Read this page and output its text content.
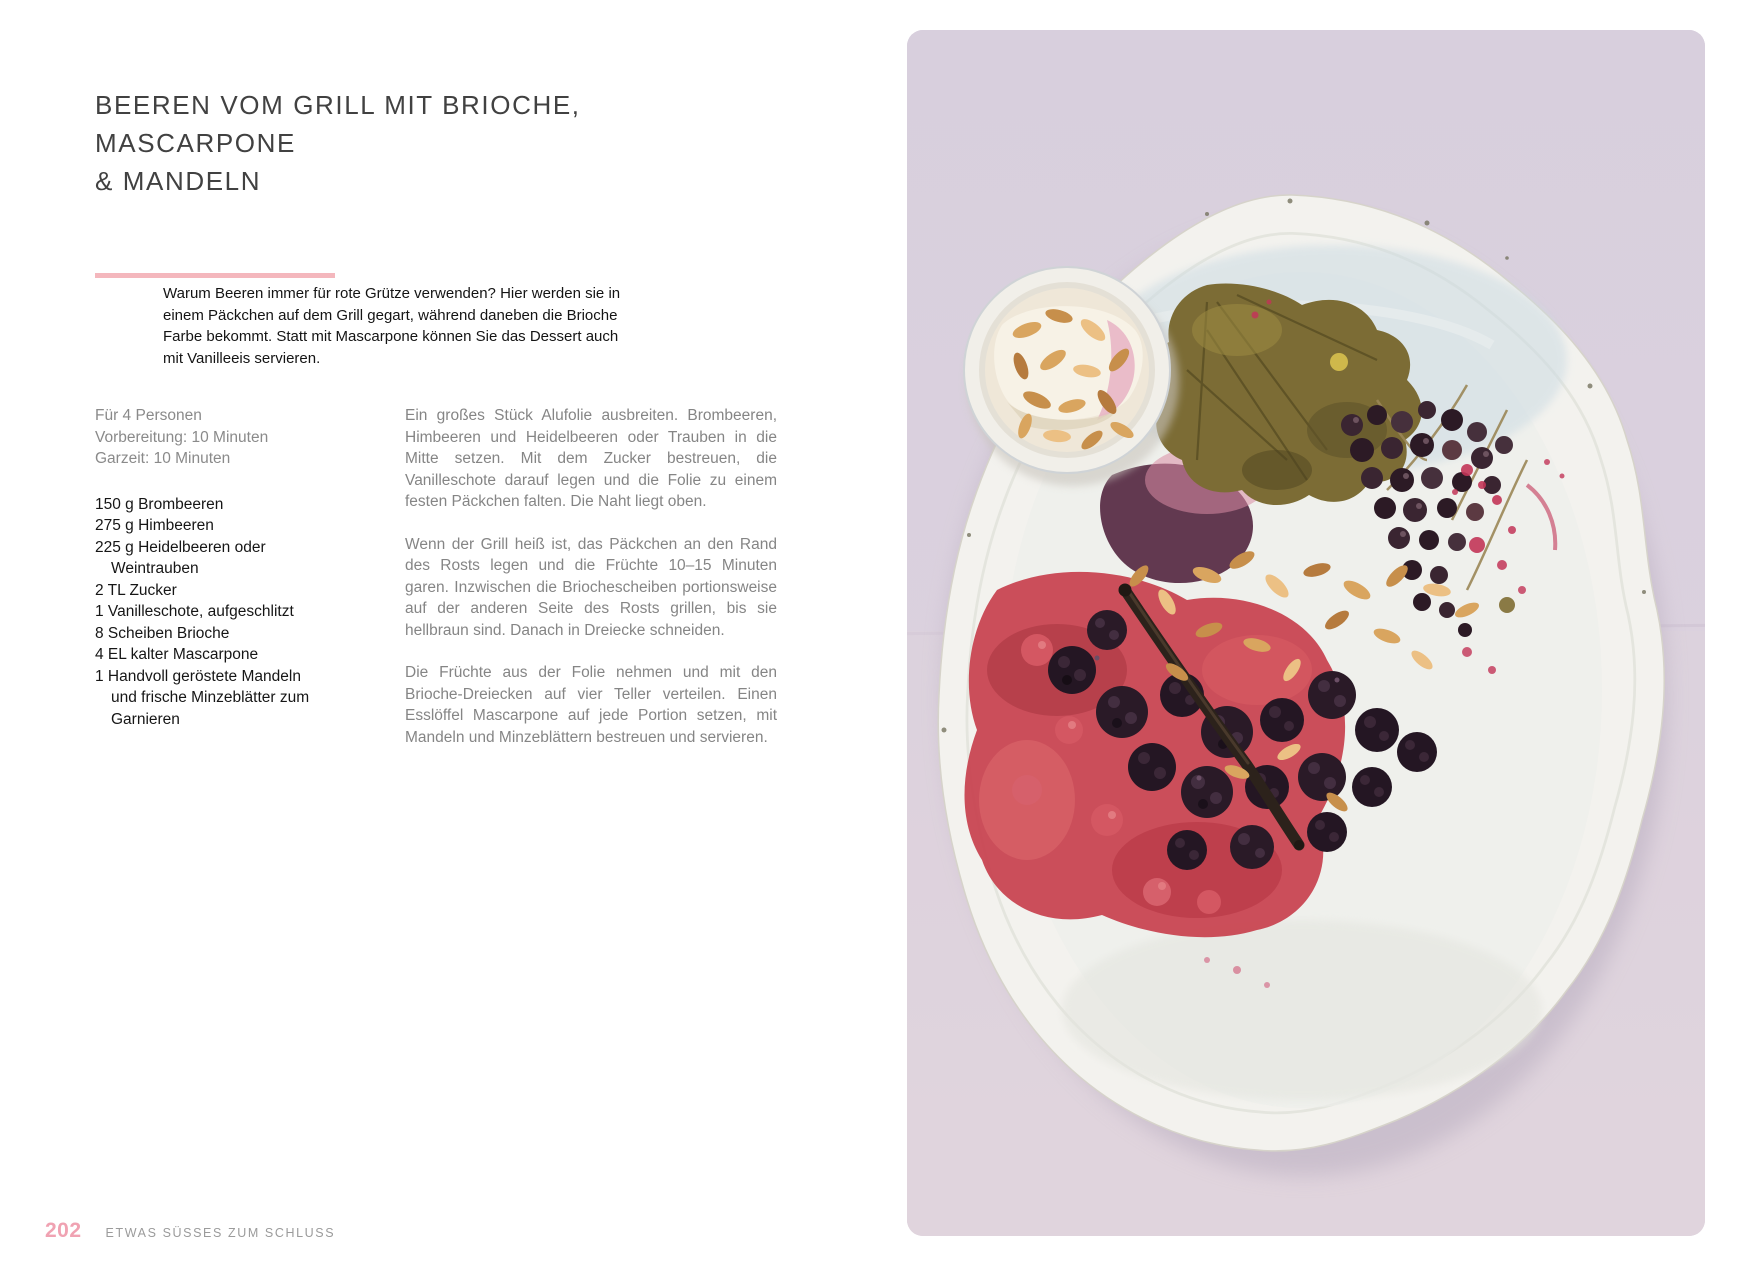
BEEREN VOM GRILL MIT BRIOCHE, MASCARPONE
& MANDELN

Warum Beeren immer für rote Grütze verwenden? Hier werden sie in einem Päckchen auf dem Grill gegart, während daneben die Brioche Farbe bekommt. Statt mit Mascarpone können Sie das Dessert auch mit Vanilleeis servieren.

Für 4 Personen
Vorbereitung: 10 Minuten
Garzeit: 10 Minuten
150 g Brombeeren
275 g Himbeeren
225 g Heidelbeeren oder
Weintrauben
2 TL Zucker
1 Vanilleschote, aufgeschlitzt
8 Scheiben Brioche
4 EL kalter Mascarpone
1 Handvoll geröstete Mandeln
und frische Minzeblätter zum
Garnieren

Ein großes Stück Alufolie ausbreiten. Brombeeren, Himbeeren und Heidelbeeren oder Trauben in die Mitte setzen. Mit dem Zucker bestreuen, die Vanilleschote darauf legen und die Folie zu einem festen Päckchen falten. Die Naht liegt oben.

Wenn der Grill heiß ist, das Päckchen an den Rand des Rosts legen und die Früchte 10–15 Minuten garen. Inzwischen die Briochescheiben portionsweise auf der anderen Seite des Rosts grillen, bis sie hellbraun sind. Danach in Dreiecke schneiden.

Die Früchte aus der Folie nehmen und mit den Brioche-Dreiecken auf vier Teller verteilen. Einen Esslöffel Mascarpone auf jede Portion setzen, mit Mandeln und Minzeblättern bestreuen und servieren.

202 ETWAS SÜSSES ZUM SCHLUSS
